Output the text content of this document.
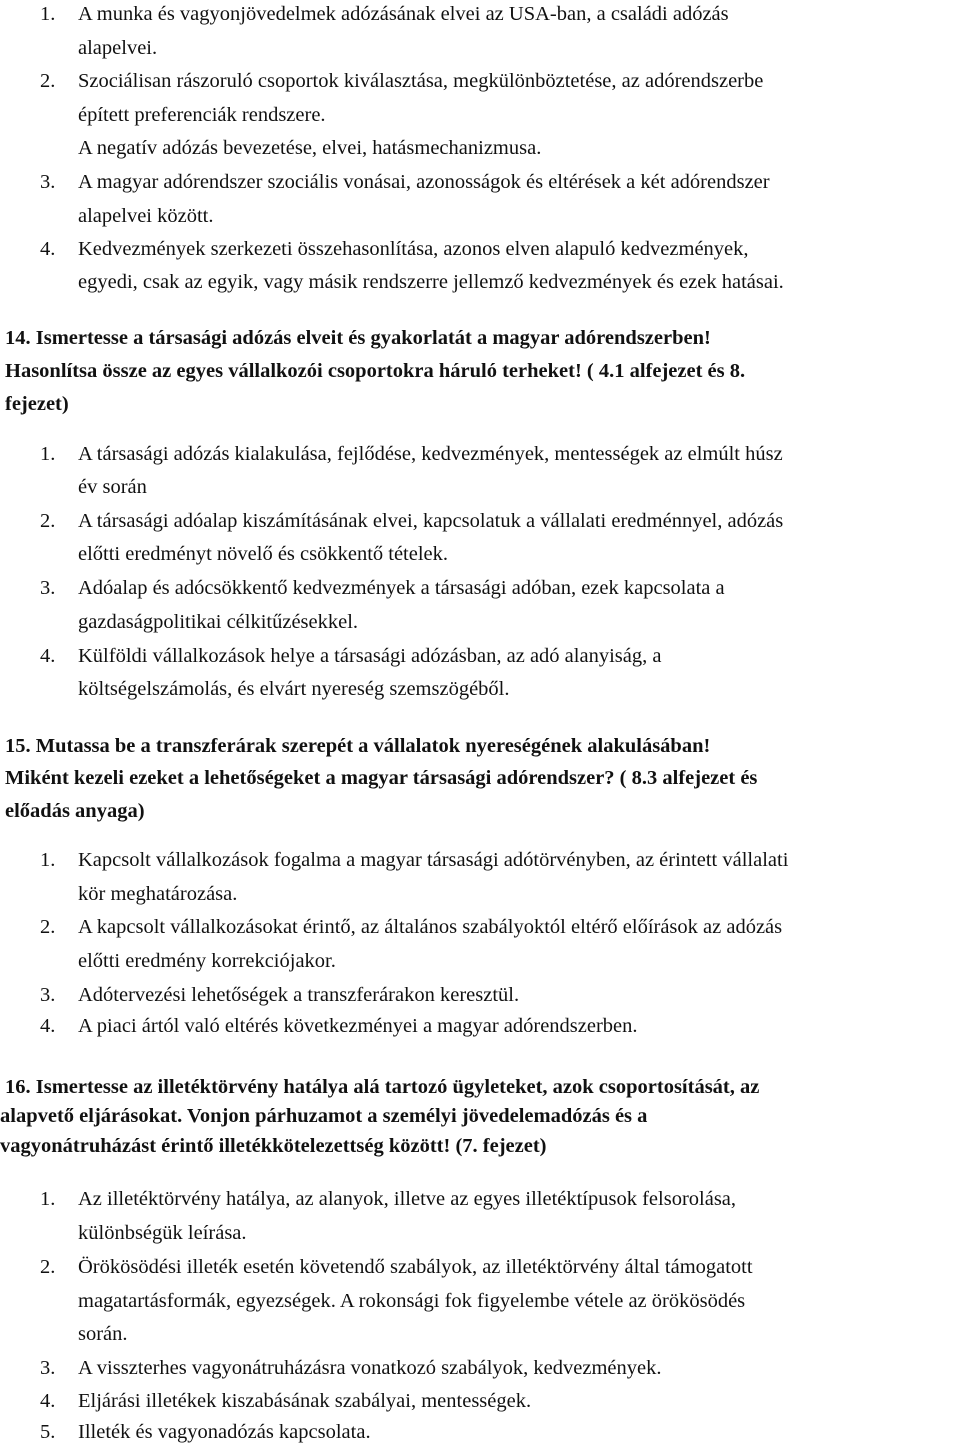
1. A munka és vagyonjövedelmek adózásának elvei az USA-ban, a családi adózás
alapelvei.
2. Szociálisan rászoruló csoportok kiválasztása, megkülönböztetése, az adórendszerbe
épített preferenciák rendszere.
A negatív adózás bevezetése, elvei, hatásmechanizmusa.
3. A magyar adórendszer szociális vonásai, azonosságok és eltérések a két adórendszer
alapelvei között.
4. Kedvezmények szerkezeti összehasonlítása, azonos elven alapuló kedvezmények,
egyedi, csak az egyik, vagy másik rendszerre jellemző kedvezmények és ezek hatásai.
14. Ismertesse a társasági adózás elveit és gyakorlatát a magyar adórendszerben!
Hasonlítsa össze az egyes vállalkozói csoportokra háruló terheket! ( 4.1 alfejezet és 8.
fejezet)
1. A társasági adózás kialakulása, fejlődése, kedvezmények, mentességek az elmúlt húsz
év során
2. A társasági adóalap kiszámításának elvei, kapcsolatuk a vállalati eredménnyel, adózás
előtti eredményt növelő és csökkentő tételek.
3. Adóalap és adócsökkentő kedvezmények a társasági adóban, ezek kapcsolata a
gazdaságpolitikai célkitűzésekkel.
4. Külföldi vállalkozások helye a társasági adózásban, az adó alanyiság, a
költségelszámolás, és elvárt nyereség szemszögéből.
15. Mutassa be a transzferárak szerepét a vállalatok nyereségének alakulásában!
Miként kezeli ezeket a lehetőségeket a magyar társasági adórendszer? ( 8.3 alfejezet és
előadás anyaga)
1. Kapcsolt vállalkozások fogalma a magyar társasági adótörvényben, az érintett vállalati
kör meghatározása.
2. A kapcsolt vállalkozásokat érintő, az általános szabályoktól eltérő előírások az adózás
előtti eredmény korrekciójakor.
3. Adótervezési lehetőségek a transzferárakon keresztül.
4. A piaci ártól való eltérés következményei a magyar adórendszerben.
16. Ismertesse az illetéktörvény hatálya alá tartozó ügyleteket, azok csoportosítását, az
alapvető eljárásokat. Vonjon párhuzamot a személyi jövedelemadózás és a
vagyonátruházást érintő illetékkötelezettség között! (7. fejezet)
1. Az illetéktörvény hatálya, az alanyok, illetve az egyes illetéktípusok felsorolása,
különbségük leírása.
2. Örökösödési illeték esetén követendő szabályok, az illetéktörvény által támogatott
magatartásformák, egyezségek. A rokonsági fok figyelembe vétele az örökösödés
során.
3. A visszterhes vagyonátruházásra vonatkozó szabályok, kedvezmények.
4. Eljárási illetékek kiszabásának szabályai, mentességek.
5. Illeték és vagyonadózás kapcsolata.
